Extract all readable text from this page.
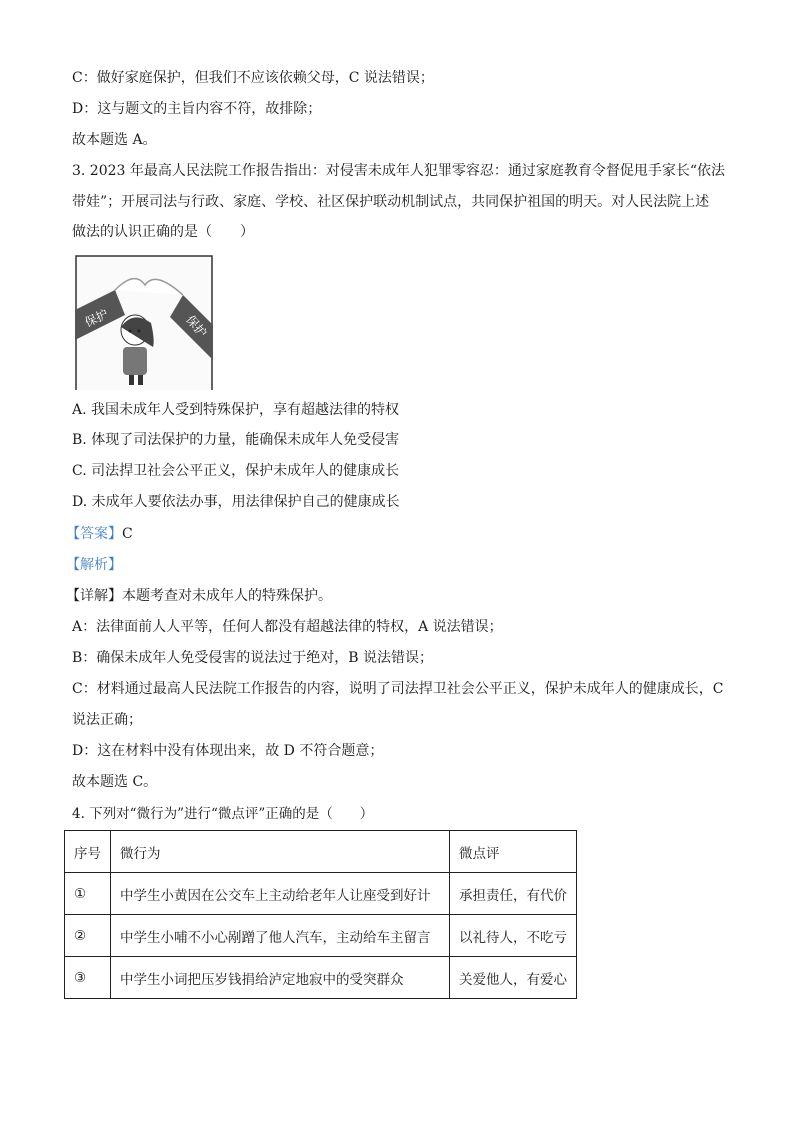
C：做好家庭保护，但我们不应该依赖父母，C 说法错误；
D：这与题文的主旨内容不符，故排除；
故本题选 A。
3. 2023 年最高人民法院工作报告指出：对侵害未成年人犯罪零容忍：通过家庭教育令督促甩手家长“依法
带娃”；开展司法与行政、家庭、学校、社区保护联动机制试点，共同保护祖国的明天。对人民法院上述
做法的认识正确的是（　　）
保护	保护
A. 我国未成年人受到特殊保护，享有超越法律的特权
B. 体现了司法保护的力量，能确保未成年人免受侵害
C. 司法捍卫社会公平正义，保护未成年人的健康成长
D. 未成年人要依法办事，用法律保护自己的健康成长
【答案】C
【解析】
【详解】本题考查对未成年人的特殊保护。
A：法律面前人人平等，任何人都没有超越法律的特权，A 说法错误；
B：确保未成年人免受侵害的说法过于绝对，B 说法错误；
C：材料通过最高人民法院工作报告的内容，说明了司法捍卫社会公平正义，保护未成年人的健康成长，C
说法正确；
D：这在材料中没有体现出来，故 D 不符合题意；
故本题选 C。
4. 下列对“微行为”进行“微点评”正确的是（　　）
序号	微行为	微点评
①	中学生小黄因在公交车上主动给老年人让座受到好计	承担责任，有代价
②	中学生小哺不小心剐蹭了他人汽车，主动给车主留言	以礼待人，不吃亏
③	中学生小词把压岁钱捐给泸定地寂中的受突群众	关爱他人，有爱心
